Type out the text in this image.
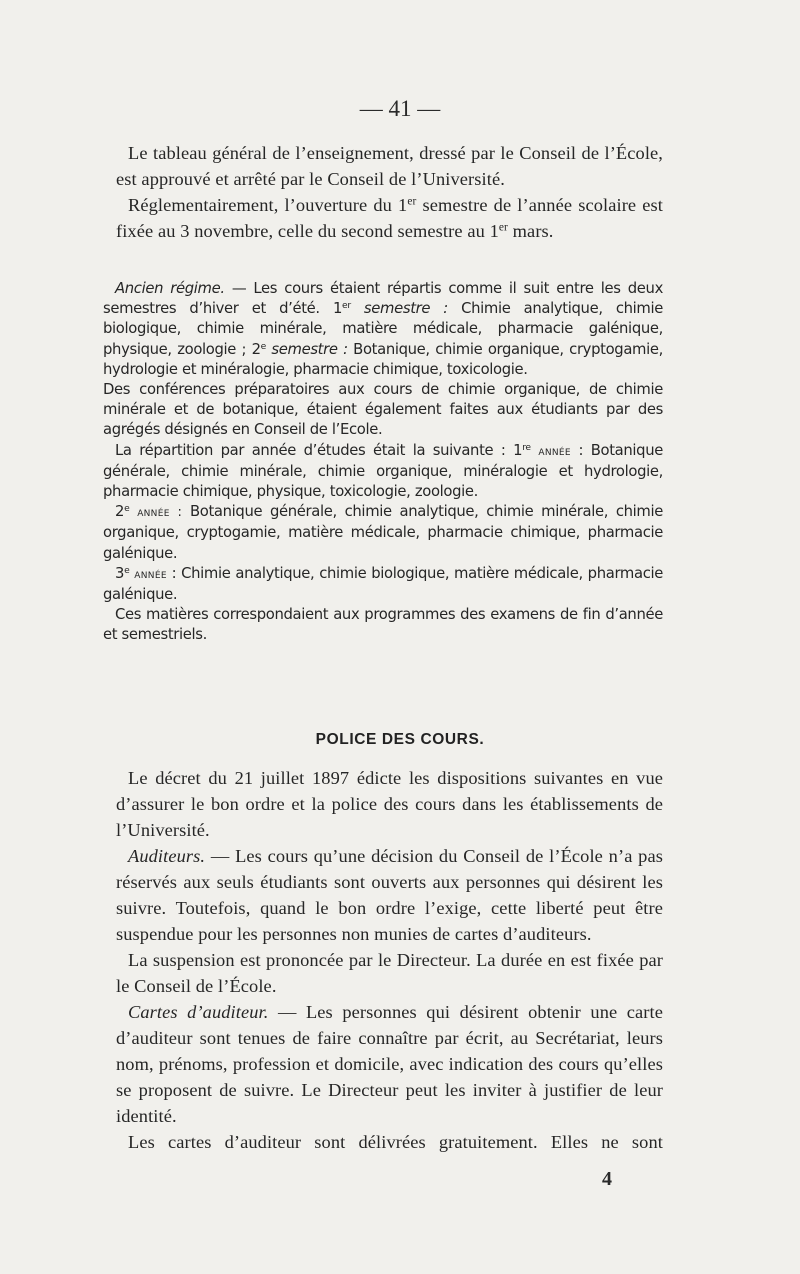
— 41 —

Le tableau général de l’enseignement, dressé par le Conseil de l’École, est approuvé et arrêté par le Conseil de l’Université.

Réglementairement, l’ouverture du 1er semestre de l’année scolaire est fixée au 3 novembre, celle du second semestre au 1er mars.

Ancien régime. — Les cours étaient répartis comme il suit entre les deux semestres d’hiver et d’été. 1er semestre : Chimie analytique, chimie biologique, chimie minérale, matière médicale, pharmacie galénique, physique, zoologie ; 2e semestre : Botanique, chimie organique, cryptogamie, hydrologie et minéralogie, pharmacie chimique, toxicologie.

Des conférences préparatoires aux cours de chimie organique, de chimie minérale et de botanique, étaient également faites aux étudiants par des agrégés désignés en Conseil de l’Ecole.

La répartition par année d’études était la suivante : 1re année : Botanique générale, chimie minérale, chimie organique, minéralogie et hydrologie, pharmacie chimique, physique, toxicologie, zoologie.

2e année : Botanique générale, chimie analytique, chimie minérale, chimie organique, cryptogamie, matière médicale, pharmacie chimique, pharmacie galénique.

3e année : Chimie analytique, chimie biologique, matière médicale, pharmacie galénique.

Ces matières correspondaient aux programmes des examens de fin d’année et semestriels.

POLICE DES COURS.

Le décret du 21 juillet 1897 édicte les dispositions suivantes en vue d’assurer le bon ordre et la police des cours dans les établissements de l’Université.

Auditeurs. — Les cours qu’une décision du Conseil de l’École n’a pas réservés aux seuls étudiants sont ouverts aux personnes qui désirent les suivre. Toutefois, quand le bon ordre l’exige, cette liberté peut être suspendue pour les personnes non munies de cartes d’auditeurs.

La suspension est prononcée par le Directeur. La durée en est fixée par le Conseil de l’École.

Cartes d’auditeur. — Les personnes qui désirent obtenir une carte d’auditeur sont tenues de faire connaître par écrit, au Secrétariat, leurs nom, prénoms, profession et domicile, avec indication des cours qu’elles se proposent de suivre. Le Directeur peut les inviter à justifier de leur identité.

Les cartes d’auditeur sont délivrées gratuitement. Elles ne sont

4
